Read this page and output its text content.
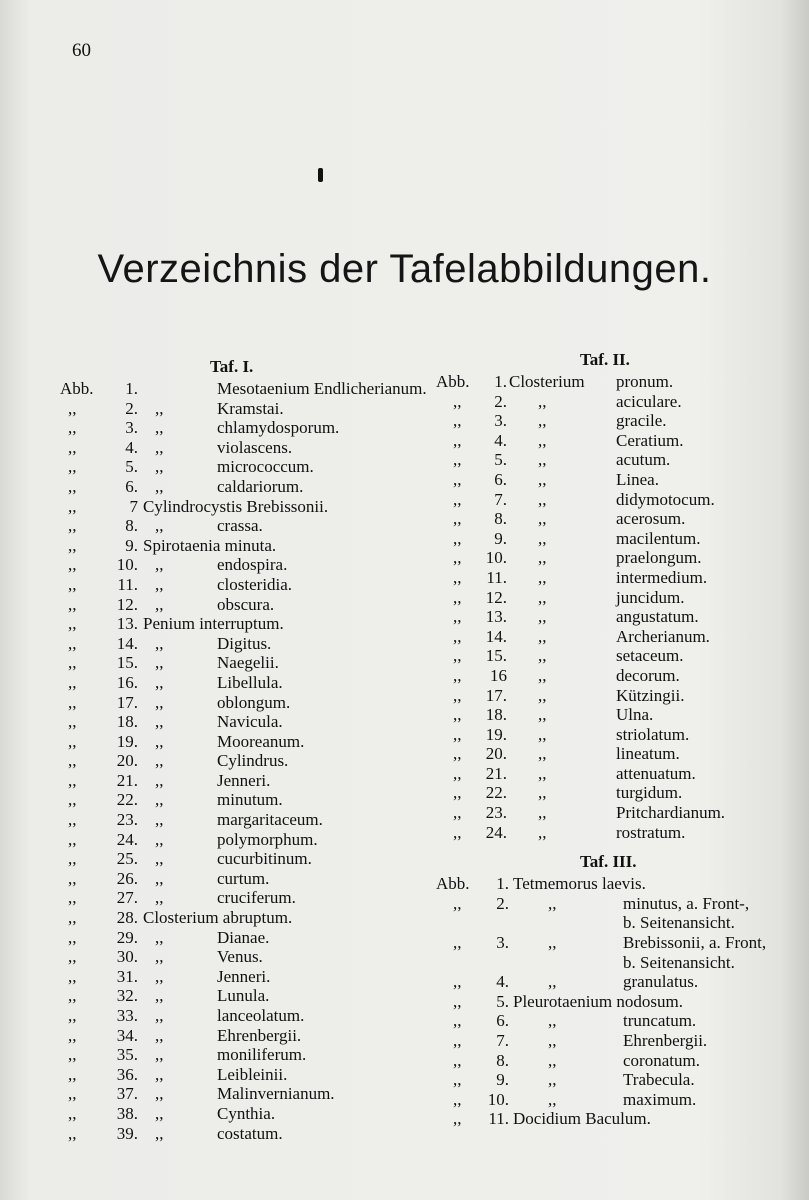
60
Verzeichnis der Tafelabbildungen.
Taf. I.
Abb.	1.	Mesotaenium Endlicherianum.
,,	2. ,,	Kramstai.
,,	3. ,,	chlamydosporum.
,,	4. ,,	violascens.
,,	5. ,,	micrococcum.
,,	6. ,,	caldariorum.
,,	7 Cylindrocystis Brebissonii.
,,	8. ,,	crassa.
,,	9. Spirotaenia minuta.
,,	10. ,,	endospira.
,,	11. ,,	closteridia.
,,	12. ,,	obscura.
,,	13. Penium interruptum.
,,	14. ,,	Digitus.
,,	15. ,,	Naegelii.
,,	16. ,,	Libellula.
,,	17. ,,	oblongum.
,,	18. ,,	Navicula.
,,	19. ,,	Mooreanum.
,,	20. ,,	Cylindrus.
,,	21. ,,	Jenneri.
,,	22. ,,	minutum.
,,	23. ,,	margaritaceum.
,,	24. ,,	polymorphum.
,,	25. ,,	cucurbitinum.
,,	26. ,,	curtum.
,,	27. ,,	cruciferum.
,,	28. Closterium abruptum.
,,	29. ,,	Dianae.
,,	30. ,,	Venus.
,,	31. ,,	Jenneri.
,,	32. ,,	Lunula.
,,	33. ,,	lanceolatum.
,,	34. ,,	Ehrenbergii.
,,	35. ,,	moniliferum.
,,	36. ,,	Leibleinii.
,,	37. ,,	Malinvernianum.
,,	38. ,,	Cynthia.
,,	39. ,,	costatum.
Taf. II.
Abb.	1. Closterium pronum.
,,	2. ,,	aciculare.
,,	3. ,,	gracile.
,,	4. ,,	Ceratium.
,,	5. ,,	acutum.
,,	6. ,,	Linea.
,,	7. ,,	didymotocum.
,,	8. ,,	acerosum.
,,	9. ,,	macilentum.
,,	10. ,,	praelongum.
,,	11. ,,	intermedium.
,,	12. ,,	juncidum.
,,	13. ,,	angustatum.
,,	14. ,,	Archerianum.
,,	15. ,,	setaceum.
,,	16 ,,	decorum.
,,	17. ,,	Kützingii.
,,	18. ,,	Ulna.
,,	19. ,,	striolatum.
,,	20. ,,	lineatum.
,,	21. ,,	attenuatum.
,,	22. ,,	turgidum.
,,	23. ,,	Pritchardianum.
,,	24. ,,	rostratum.
Taf. III.
Abb.	1. Tetmemorus laevis.
,,	2. ,,	minutus, a. Front-,
b. Seitenansicht.
,,	3. ,,	Brebissonii, a. Front,
b. Seitenansicht.
,,	4. ,,	granulatus.
,,	5. Pleurotaenium nodosum.
,,	6. ,,	truncatum.
,,	7. ,,	Ehrenbergii.
,,	8. ,,	coronatum.
,,	9. ,,	Trabecula.
,,	10. ,,	maximum.
,,	11. Docidium Baculum.
